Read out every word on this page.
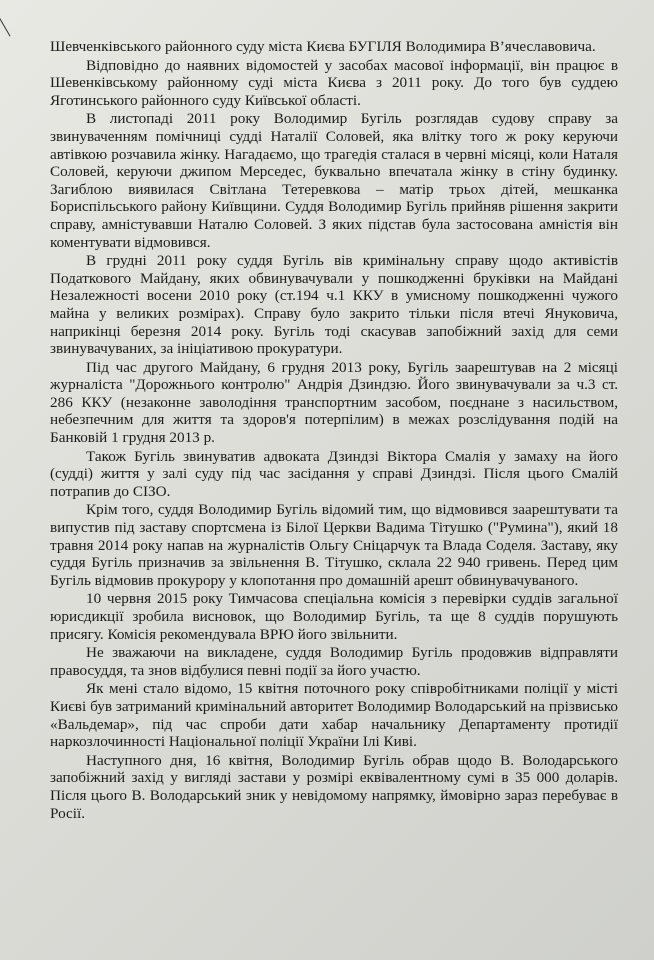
Шевченківського районного суду міста Києва БУГІЛЯ Володимира В’ячеславовича.

Відповідно до наявних відомостей у засобах масової інформації, він працює в Шевенківському районному суді міста Києва з 2011 року. До того був суддею Яготинського районного суду Київської області.

В листопаді 2011 року Володимир Бугіль розглядав судову справу за звинуваченням помічниці судді Наталії Соловей, яка влітку того ж року керуючи автівкою розчавила жінку. Нагадаємо, що трагедія сталася в червні місяці, коли Наталя Соловей, керуючи джипом Мерседес, буквально впечатала жінку в стіну будинку. Загиблою виявилася Світлана Тетеревкова – матір трьох дітей, мешканка Бориспільського району Київщини. Суддя Володимир Бугіль прийняв рішення закрити справу, амністувавши Наталю Соловей. З яких підстав була застосована амністія він коментувати відмовився.

В грудні 2011 року суддя Бугіль вів кримінальну справу щодо активістів Податкового Майдану, яких обвинувачували у пошкодженні бруківки на Майдані Незалежності восени 2010 року (ст.194 ч.1 ККУ в умисному пошкодженні чужого майна у великих розмірах). Справу було закрито тільки після втечі Януковича, наприкінці березня 2014 року. Бугіль тоді скасував запобіжний захід для семи звинувачуваних, за ініціативою прокуратури.

Під час другого Майдану, 6 грудня 2013 року, Бугіль заарештував на 2 місяці журналіста "Дорожнього контролю" Андрія Дзиндзю. Його звинувачували за ч.3 ст. 286 ККУ (незаконне заволодіння транспортним засобом, поєднане з насильством, небезпечним для життя та здоров'я потерпілим) в межах розслідування подій на Банковій 1 грудня 2013 р.

Також Бугіль звинуватив адвоката Дзиндзі Віктора Смалія у замаху на його (судді) життя у залі суду під час засідання у справі Дзиндзі. Після цього Смалій потрапив до СІЗО.

Крім того, суддя Володимир Бугіль відомий тим, що відмовився заарештувати та випустив під заставу спортсмена із Білої Церкви Вадима Тітушко ("Румина"), який 18 травня 2014 року напав на журналістів Ольгу Сніцарчук та Влада Соделя. Заставу, яку суддя Бугіль призначив за звільнення В. Тітушко, склала 22 940 гривень. Перед цим Бугіль відмовив прокурору у клопотання про домашній арешт обвинувачуваного.

10 червня 2015 року Тимчасова спеціальна комісія з перевірки суддів загальної юрисдикції зробила висновок, що Володимир Бугіль, та ще 8 суддів порушують присягу. Комісія рекомендувала ВРЮ його звільнити.

Не зважаючи на викладене, суддя Володимир Бугіль продовжив відправляти правосуддя, та знов відбулися певні події за його участю.

Як мені стало відомо, 15 квітня поточного року співробітниками поліції у місті Києві був затриманий кримінальний авторитет Володимир Володарський на прізвисько «Вальдемар», під час спроби дати хабар начальнику Департаменту протидії наркозлочинності Національної поліції України Ілі Киві.

Наступного дня, 16 квітня, Володимир Бугіль обрав щодо В. Володарського запобіжний захід у вигляді застави у розмірі еквівалентному сумі в 35 000 доларів. Після цього В. Володарський зник у невідомому напрямку, ймовірно зараз перебуває в Росії.
